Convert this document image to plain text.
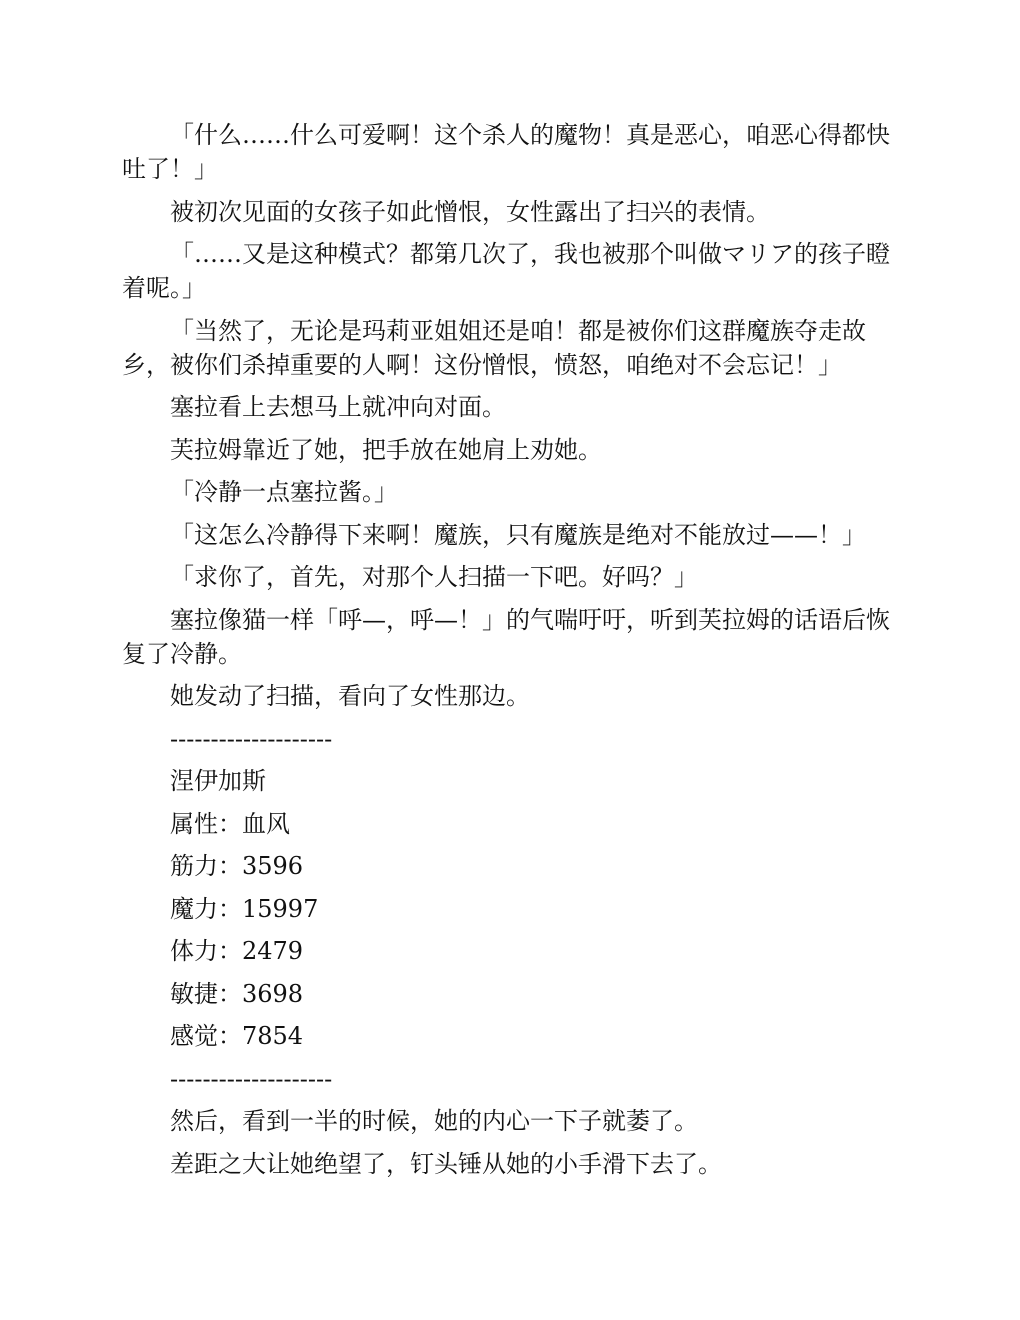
「什么……什么可爱啊！这个杀人的魔物！真是恶心，咱恶心得都快吐了！」

被初次见面的女孩子如此憎恨，女性露出了扫兴的表情。

「……又是这种模式？都第几次了，我也被那个叫做マリア的孩子瞪着呢。」

「当然了，无论是玛莉亚姐姐还是咱！都是被你们这群魔族夺走故乡，被你们杀掉重要的人啊！这份憎恨，愤怒，咱绝对不会忘记！」

塞拉看上去想马上就冲向对面。

芙拉姆靠近了她，把手放在她肩上劝她。

「冷静一点塞拉酱。」

「这怎么冷静得下来啊！魔族，只有魔族是绝对不能放过——！」

「求你了，首先，对那个人扫描一下吧。好吗？」

塞拉像猫一样「呼—，呼—！」的气喘吁吁，听到芙拉姆的话语后恢复了冷静。

她发动了扫描，看向了女性那边。

--------------------

涅伊加斯

属性：血风

筋力：3596

魔力：15997

体力：2479

敏捷：3698

感觉：7854

--------------------

然后，看到一半的时候，她的内心一下子就萎了。

差距之大让她绝望了，钉头锤从她的小手滑下去了。
